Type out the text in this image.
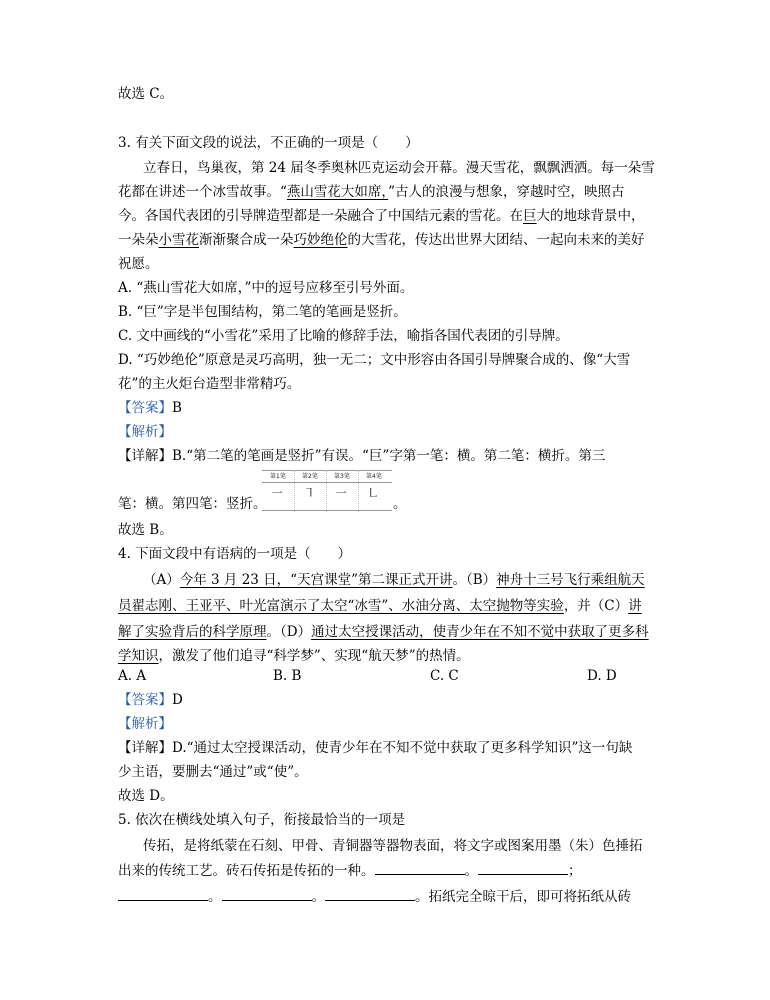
故选 C。
3. 有关下面文段的说法，不正确的一项是（　　）
立春日，鸟巢夜，第 24 届冬季奥林匹克运动会开幕。漫天雪花，飘飘洒洒。每一朵雪
花都在讲述一个冰雪故事。“燕山雪花大如席，”古人的浪漫与想象，穿越时空，映照古
今。各国代表团的引导牌造型都是一朵融合了中国结元素的雪花。在巨大的地球背景中，
一朵朵小雪花渐渐聚合成一朵巧妙绝伦的大雪花，传达出世界大团结、一起向未来的美好
祝愿。
A. “燕山雪花大如席，”中的逗号应移至引号外面。
B. “巨”字是半包围结构，第二笔的笔画是竖折。
C. 文中画线的“小雪花”采用了比喻的修辞手法，喻指各国代表团的引导牌。
D. “巧妙绝伦”原意是灵巧高明，独一无二；文中形容由各国引导牌聚合成的、像“大雪
花”的主火炬台造型非常精巧。
【答案】B
【解析】
【详解】B.“第二笔的笔画是竖折”有误。“巨”字第一笔：横。第二笔：横折。第三
笔：横。第四笔：竖折。	。
第1笔	第2笔	第3笔	第4笔
㇐ ㇕ ㇐ ㇗
故选 B。
4. 下面文段中有语病的一项是（　　）
（A）今年 3 月 23 日，“天宫课堂”第二课正式开讲。（B）神舟十三号飞行乘组航天
员翟志刚、王亚平、叶光富演示了太空“冰雪”、水油分离、太空抛物等实验，并（C）讲
解了实验背后的科学原理。（D）通过太空授课活动，使青少年在不知不觉中获取了更多科
学知识，激发了他们追寻“科学梦”、实现“航天梦”的热情。
A. A	B. B	C. C	D. D
【答案】D
【解析】
【详解】D.“通过太空授课活动，使青少年在不知不觉中获取了更多科学知识”这一句缺
少主语，要删去“通过”或“使”。
故选 D。
5. 依次在横线处填入句子，衔接最恰当的一项是
传拓，是将纸蒙在石刻、甲骨、青铜器等器物表面，将文字或图案用墨（朱）色捶拓
出来的传统工艺。砖石传拓是传拓的一种。	。	；
。	。	。拓纸完全晾干后，即可将拓纸从砖
